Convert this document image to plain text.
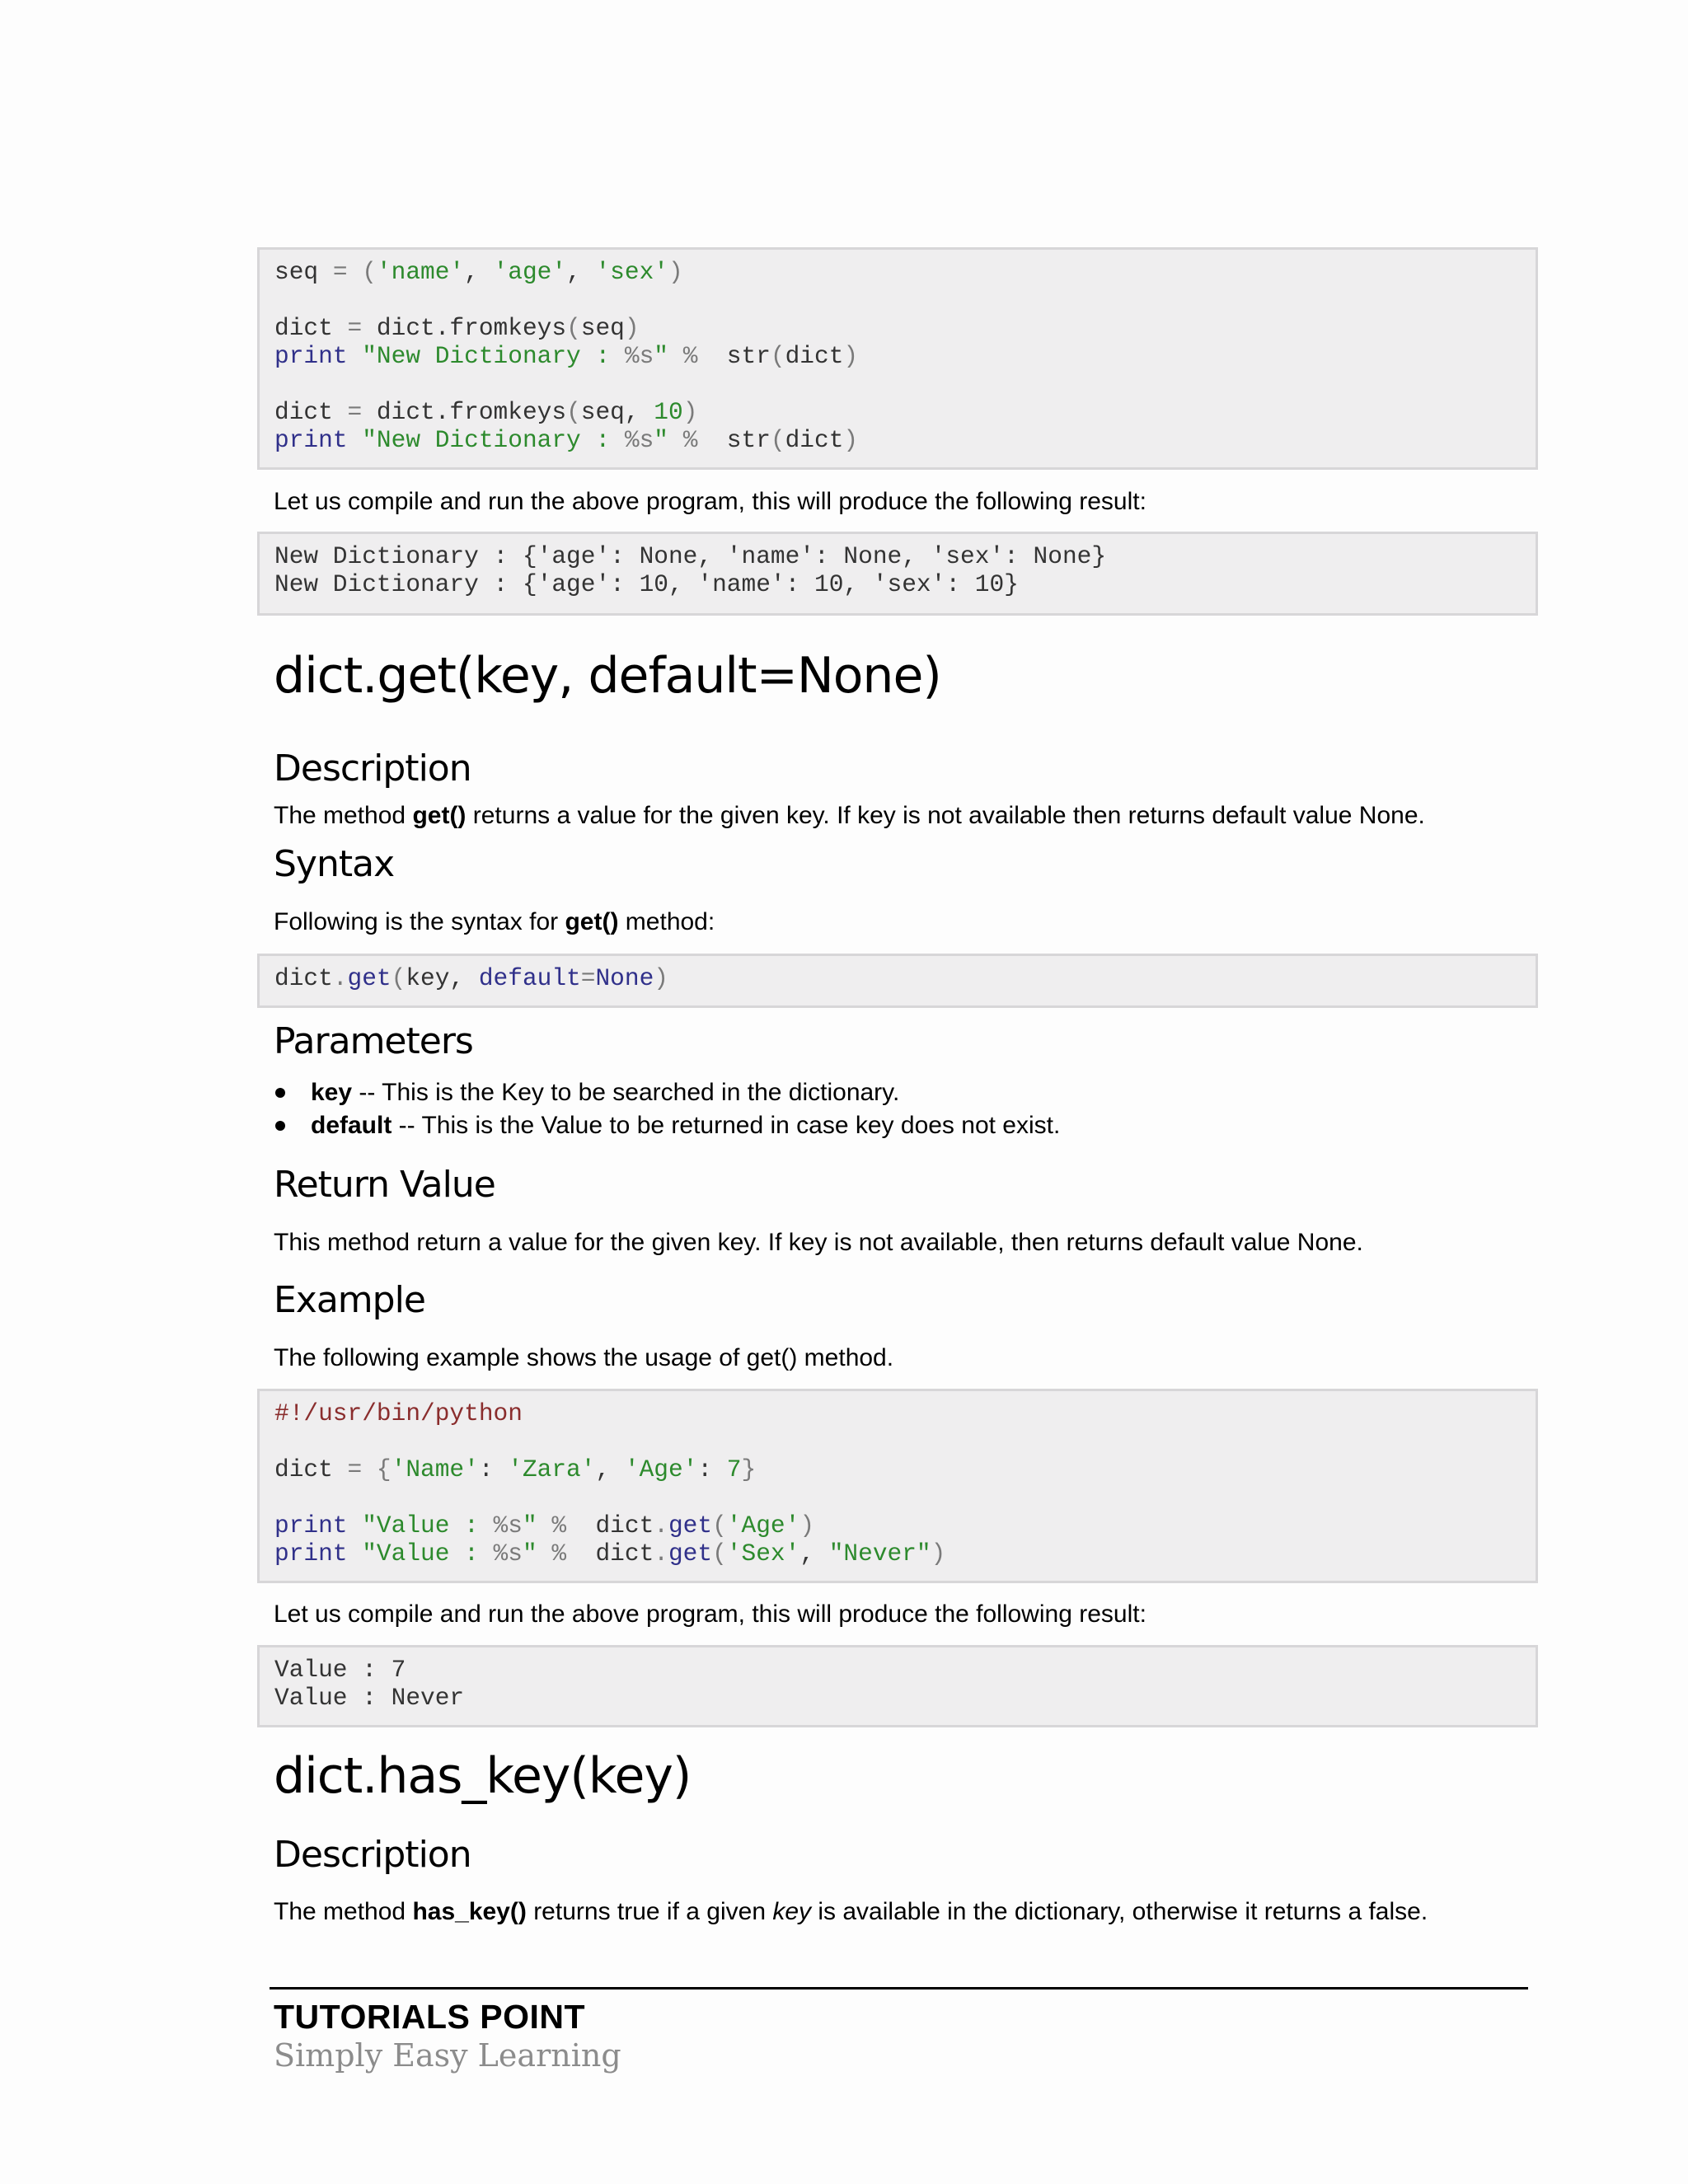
seq = ('name', 'age', 'sex')
dict = dict.fromkeys(seq)
print "New Dictionary : %s" %  str(dict)
dict = dict.fromkeys(seq, 10)
print "New Dictionary : %s" %  str(dict)
Let us compile and run the above program, this will produce the following result:
New Dictionary : {'age': None, 'name': None, 'sex': None}
New Dictionary : {'age': 10, 'name': 10, 'sex': 10}
dict.get(key, default=None)
Description
The method get() returns a value for the given key. If key is not available then returns default value None.
Syntax
Following is the syntax for get() method:
dict.get(key, default=None)
Parameters
key -- This is the Key to be searched in the dictionary.
default -- This is the Value to be returned in case key does not exist.
Return Value
This method return a value for the given key. If key is not available, then returns default value None.
Example
The following example shows the usage of get() method.
#!/usr/bin/python
dict = {'Name': 'Zara', 'Age': 7}
print "Value : %s" %  dict.get('Age')
print "Value : %s" %  dict.get('Sex', "Never")
Let us compile and run the above program, this will produce the following result:
Value : 7
Value : Never
dict.has_key(key)
Description
The method has_key() returns true if a given key is available in the dictionary, otherwise it returns a false.
TUTORIALS POINT
Simply Easy Learning
